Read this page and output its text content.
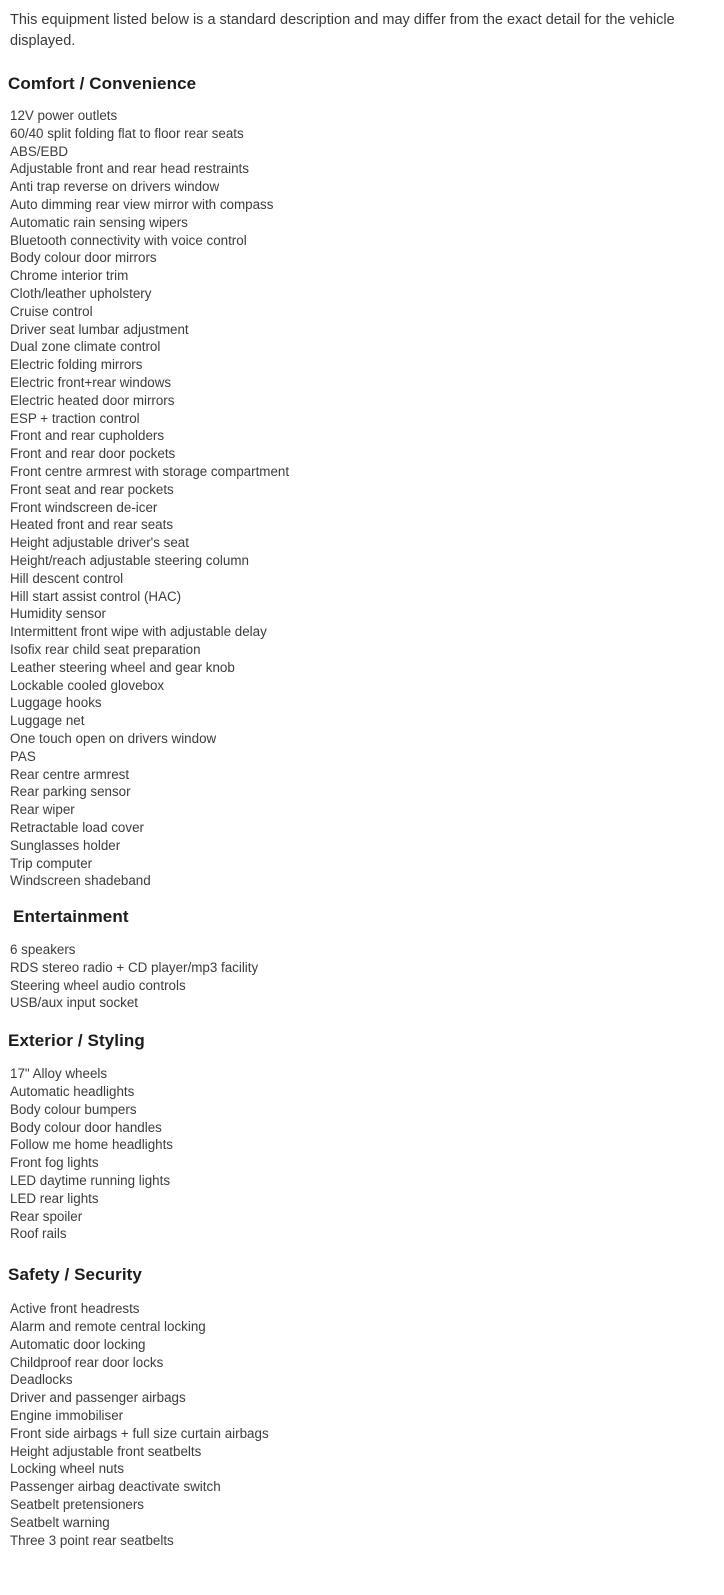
This equipment listed below is a standard description and may differ from the exact detail for the vehicle displayed.

Comfort / Convenience
12V power outlets
60/40 split folding flat to floor rear seats
ABS/EBD
Adjustable front and rear head restraints
Anti trap reverse on drivers window
Auto dimming rear view mirror with compass
Automatic rain sensing wipers
Bluetooth connectivity with voice control
Body colour door mirrors
Chrome interior trim
Cloth/leather upholstery
Cruise control
Driver seat lumbar adjustment
Dual zone climate control
Electric folding mirrors
Electric front+rear windows
Electric heated door mirrors
ESP + traction control
Front and rear cupholders
Front and rear door pockets
Front centre armrest with storage compartment
Front seat and rear pockets
Front windscreen de-icer
Heated front and rear seats
Height adjustable driver's seat
Height/reach adjustable steering column
Hill descent control
Hill start assist control (HAC)
Humidity sensor
Intermittent front wipe with adjustable delay
Isofix rear child seat preparation
Leather steering wheel and gear knob
Lockable cooled glovebox
Luggage hooks
Luggage net
One touch open on drivers window
PAS
Rear centre armrest
Rear parking sensor
Rear wiper
Retractable load cover
Sunglasses holder
Trip computer
Windscreen shadeband
Entertainment
6 speakers
RDS stereo radio + CD player/mp3 facility
Steering wheel audio controls
USB/aux input socket
Exterior / Styling
17" Alloy wheels
Automatic headlights
Body colour bumpers
Body colour door handles
Follow me home headlights
Front fog lights
LED daytime running lights
LED rear lights
Rear spoiler
Roof rails
Safety / Security
Active front headrests
Alarm and remote central locking
Automatic door locking
Childproof rear door locks
Deadlocks
Driver and passenger airbags
Engine immobiliser
Front side airbags + full size curtain airbags
Height adjustable front seatbelts
Locking wheel nuts
Passenger airbag deactivate switch
Seatbelt pretensioners
Seatbelt warning
Three 3 point rear seatbelts
